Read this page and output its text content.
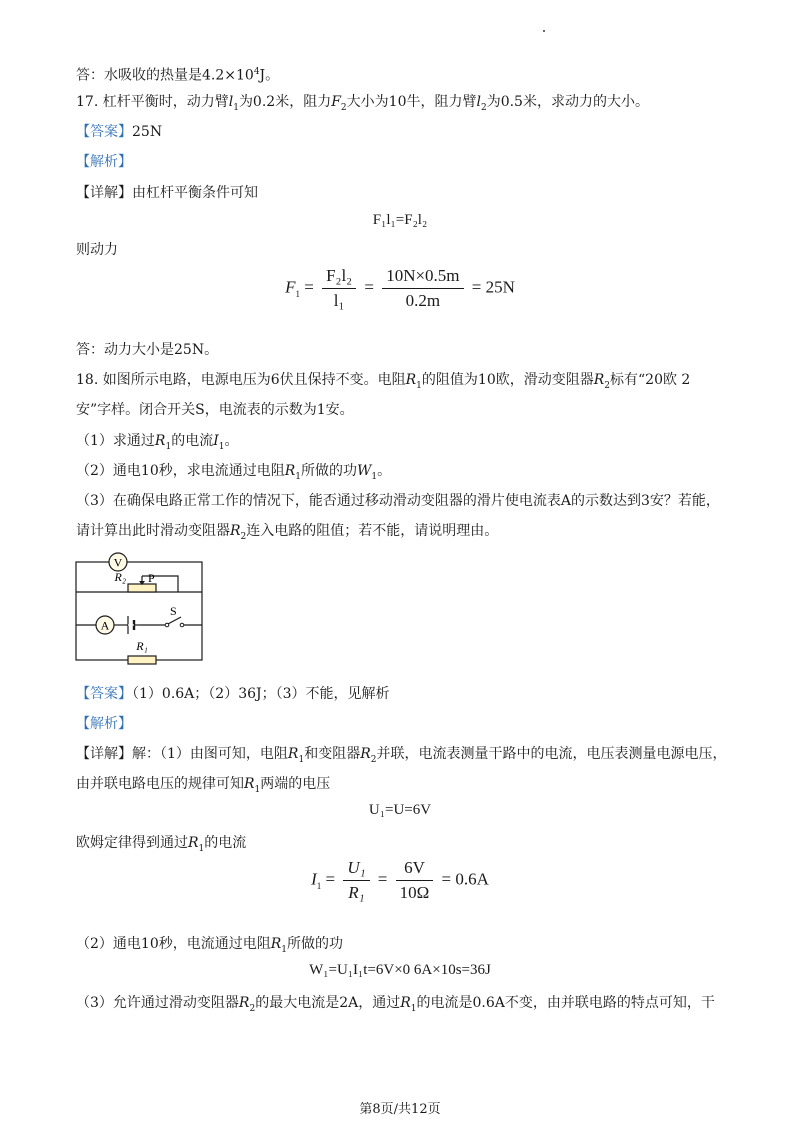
答：水吸收的热量是$4.2\times 10^4J$。
17. 杠杆平衡时，动力臂$l_1$为0.2米，阻力$F_2$大小为10牛，阻力臂$l_2$为0.5米，求动力的大小。
【答案】25N
【解析】
【详解】由杠杆平衡条件可知
F₁l₁=F₂l₂
则动力
$F_1 = \frac{\text{F₂l₂}}{\text{l₁}} = \frac{10N\times 0.5m}{0.2m} = 25N$
答：动力大小是25N。
18. 如图所示电路，电源电压为6伏且保持不变。电阻$R_1$的阻值为10欧，滑动变阻器$R_2$标有“20欧 2
安”字样。闭合开关S，电流表的示数为1安。
（1）求通过$R_1$的电流$I_1$。
（2）通电10秒，求电流通过电阻$R_1$所做的功$W_1$。
（3）在确保电路正常工作的情况下，能否通过移动滑动变阻器的滑片使电流表A的示数达到3安？若能，
请计算出此时滑动变阻器$R_2$连入电路的阻值；若不能，请说明理由。
V
R₂ P
A
S
R₁
【答案】（1）0.6A；（2）36J；（3）不能，见解析
【解析】
【详解】解：（1）由图可知，电阻$R_1$和变阻器$R_2$并联，电流表测量干路中的电流，电压表测量电源电压，
由并联电路电压的规律可知$R_1$两端的电压
U₁=U=6V
欧姆定律得到通过$R_1$的电流
$I_1 = \frac{\text{U₁}}{\text{R₁}} = \frac{6V}{10\Omega} = 0.6A$
（2）通电10秒，电流通过电阻$R_1$所做的功
W₁=U₁I₁t=6V×0 6A×10s=36J
（3）允许通过滑动变阻器$R_2$的最大电流是2A，通过$R_1$的电流是0.6A不变，由并联电路的特点可知，干
第8页/共12页
